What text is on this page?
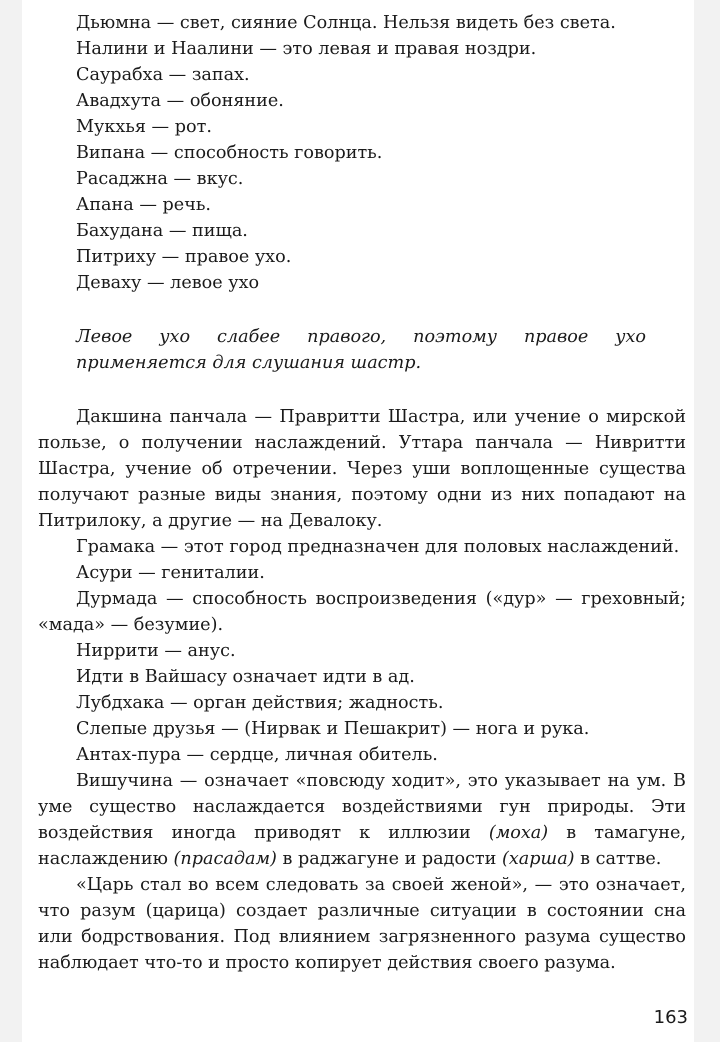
Дьюмна — свет, сияние Солнца. Нельзя видеть без света.

Налини и Наалини — это левая и правая ноздри.

Саурабха — запах.

Авадхута — обоняние.

Мукхья — рот.

Випана — способность говорить.

Расаджна — вкус.

Апана — речь.

Бахудана — пища.

Питриху — правое ухо.

Деваху — левое ухо

Левое ухо слабее правого, поэтому правое ухо применяется для слушания шастр.

Дакшина панчала — Правритти Шастра, или учение о мирской пользе, о получении наслаждений. Уттара панчала — Нивритти Шастра, учение об отречении. Через уши воплощенные существа получают разные виды знания, поэтому одни из них попадают на Питрилоку, а другие — на Девалоку.

Грамака — этот город предназначен для половых наслаждений.

Асури — гениталии.

Дурмада — способность воспроизведения («дур» — греховный; «мада» — безумие).

Ниррити — анус.

Идти в Вайшасу означает идти в ад.

Лубдхака — орган действия; жадность.

Слепые друзья — (Нирвак и Пешакрит) — нога и рука.

Антах-пура — сердце, личная обитель.

Вишучина — означает «повсюду ходит», это указывает на ум. В уме существо наслаждается воздействиями гун природы. Эти воздействия иногда приводят к иллюзии (моха) в тамагуне, наслаждению (прасадам) в раджагуне и радости (харша) в саттве.

«Царь стал во всем следовать за своей женой», — это означает, что разум (царица) создает различные ситуации в состоянии сна или бодрствования. Под влиянием загрязненного разума существо наблюдает что-то и просто копирует действия своего разума.

163
